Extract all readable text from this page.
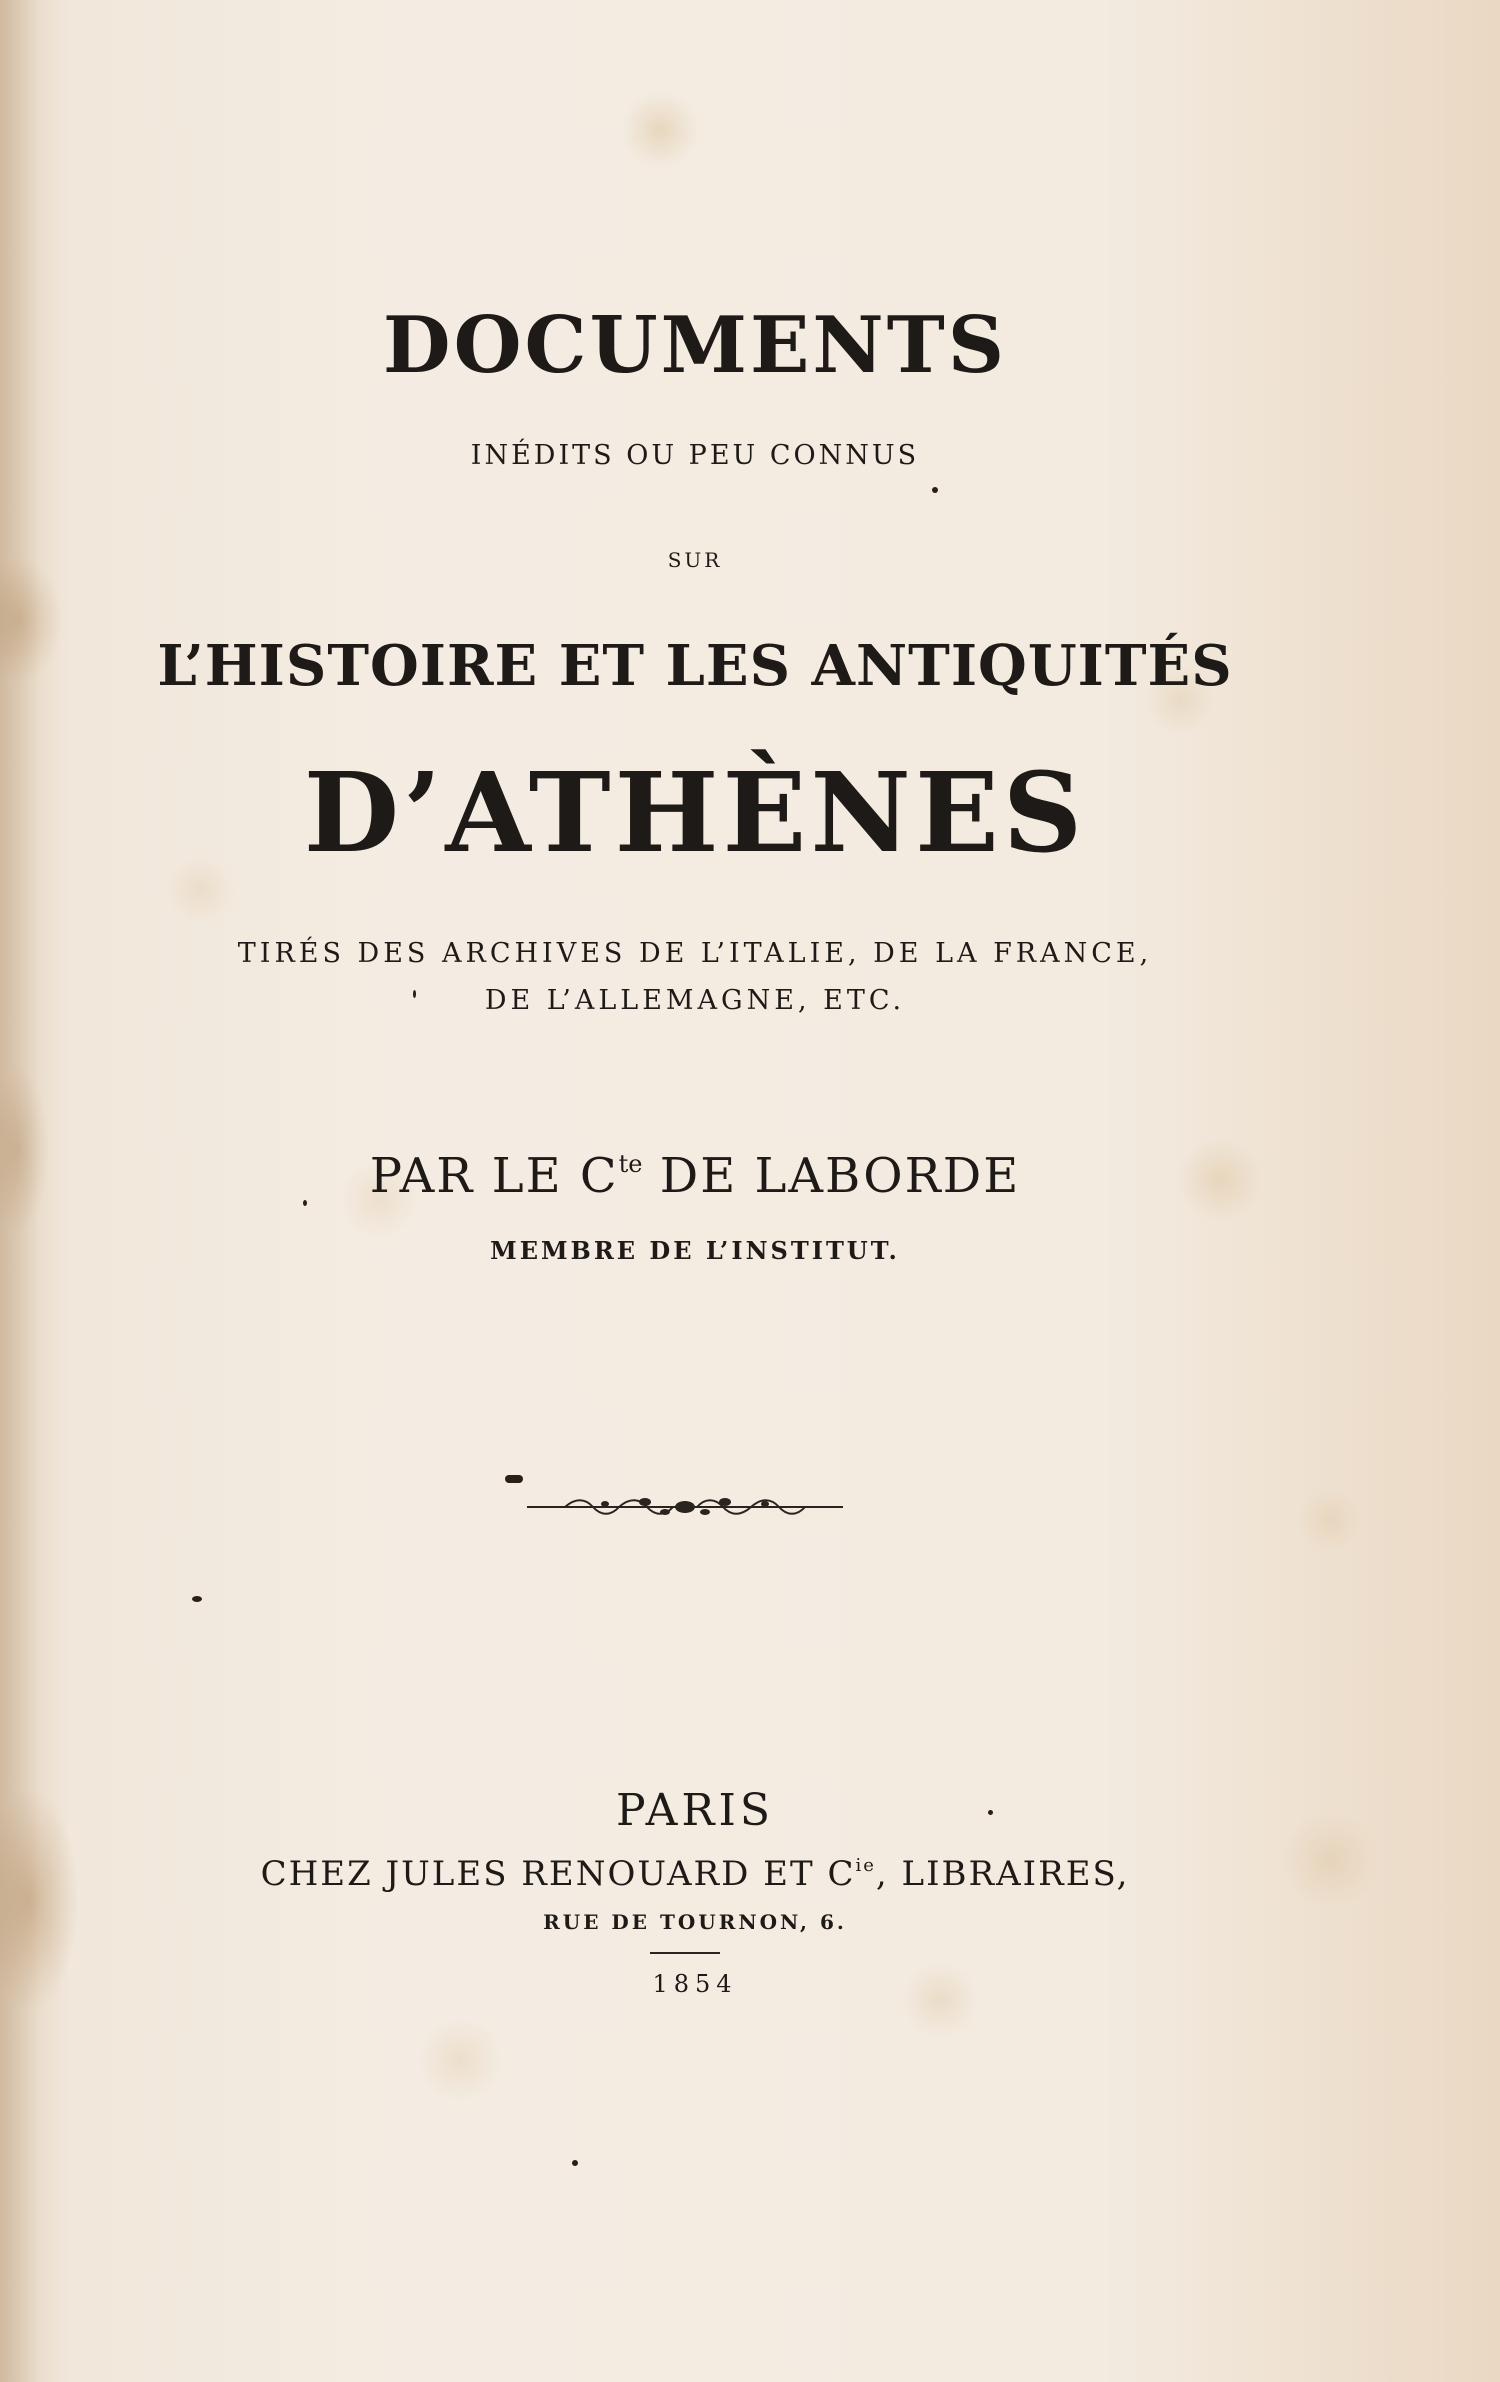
DOCUMENTS
INÉDITS OU PEU CONNUS
SUR
L’HISTOIRE ET LES ANTIQUITÉS
D’ATHÈNES
TIRÉS DES ARCHIVES DE L’ITALIE, DE LA FRANCE,
DE L’ALLEMAGNE, ETC.
PAR LE $C^{te}$ DE LABORDE
MEMBRE DE L’INSTITUT.
PARIS
CHEZ JULES RENOUARD ET $C^{ie}$, LIBRAIRES,
RUE DE TOURNON, 6.
1854
